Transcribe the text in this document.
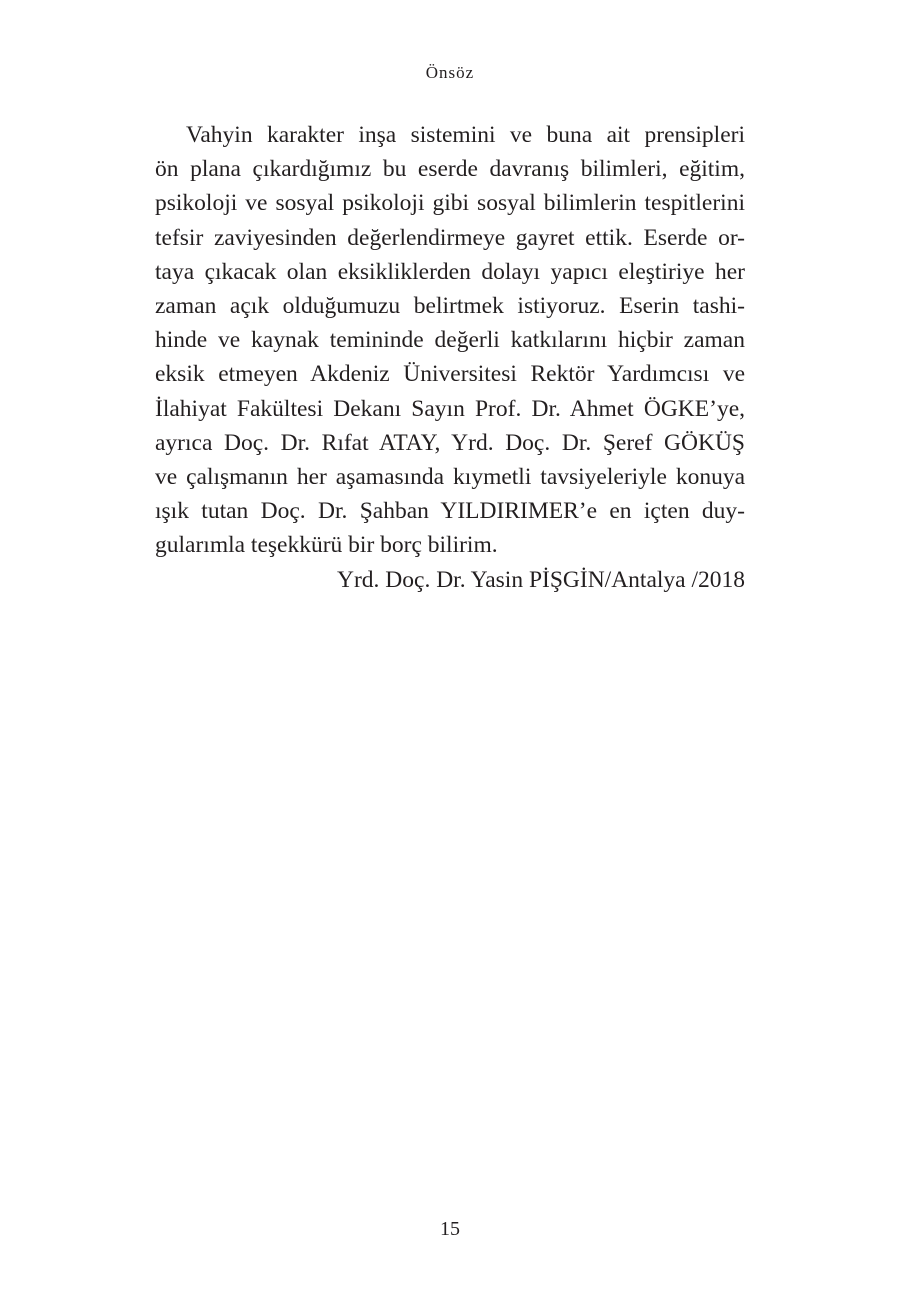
Önsöz
Vahyin karakter inşa sistemini ve buna ait prensipleri
ön plana çıkardığımız bu eserde davranış bilimleri, eğitim,
psikoloji ve sosyal psikoloji gibi sosyal bilimlerin tespitlerini
tefsir zaviyesinden değerlendirmeye gayret ettik. Eserde or-
taya çıkacak olan eksikliklerden dolayı yapıcı eleştiriye her
zaman açık olduğumuzu belirtmek istiyoruz. Eserin tashi-
hinde ve kaynak temininde değerli katkılarını hiçbir zaman
eksik etmeyen Akdeniz Üniversitesi Rektör Yardımcısı ve
İlahiyat Fakültesi Dekanı Sayın Prof. Dr. Ahmet ÖGKE’ye,
ayrıca Doç. Dr. Rıfat ATAY, Yrd. Doç. Dr. Şeref GÖKÜŞ
ve çalışmanın her aşamasında kıymetli tavsiyeleriyle konuya
ışık tutan Doç. Dr. Şahban YILDIRIMER’e en içten duy-
gularımla teşekkürü bir borç bilirim.
Yrd. Doç. Dr. Yasin PİŞGİN/Antalya /2018
15
